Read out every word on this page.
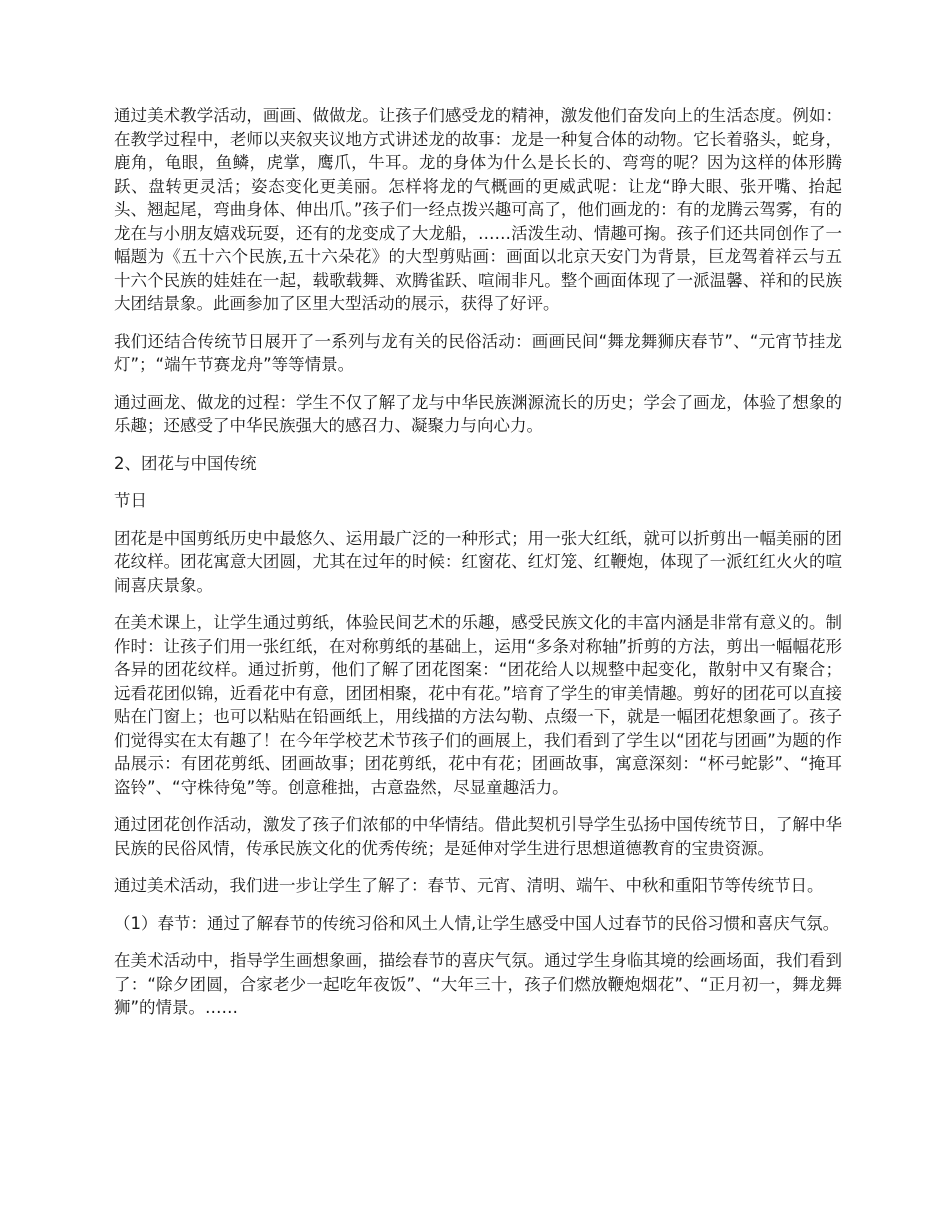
通过美术教学活动，画画、做做龙。让孩子们感受龙的精神，激发他们奋发向上的生活态度。例如：在教学过程中，老师以夹叙夹议地方式讲述龙的故事：龙是一种复合体的动物。它长着骆头，蛇身，鹿角，龟眼，鱼鳞，虎掌，鹰爪，牛耳。龙的身体为什么是长长的、弯弯的呢？因为这样的体形腾跃、盘转更灵活；姿态变化更美丽。怎样将龙的气概画的更威武呢：让龙“睁大眼、张开嘴、抬起头、翘起尾，弯曲身体、伸出爪。”孩子们一经点拨兴趣可高了，他们画龙的：有的龙腾云驾雾，有的龙在与小朋友嬉戏玩耍，还有的龙变成了大龙船，……活泼生动、情趣可掬。孩子们还共同创作了一幅题为《五十六个民族,五十六朵花》的大型剪贴画：画面以北京天安门为背景，巨龙驾着祥云与五十六个民族的娃娃在一起，载歌载舞、欢腾雀跃、喧闹非凡。整个画面体现了一派温馨、祥和的民族大团结景象。此画参加了区里大型活动的展示，获得了好评。

我们还结合传统节日展开了一系列与龙有关的民俗活动：画画民间“舞龙舞狮庆春节”、“元宵节挂龙灯”；“端午节赛龙舟”等等情景。

通过画龙、做龙的过程：学生不仅了解了龙与中华民族渊源流长的历史；学会了画龙，体验了想象的乐趣；还感受了中华民族强大的感召力、凝聚力与向心力。

2、团花与中国传统

节日

团花是中国剪纸历史中最悠久、运用最广泛的一种形式；用一张大红纸，就可以折剪出一幅美丽的团花纹样。团花寓意大团圆，尤其在过年的时候：红窗花、红灯笼、红鞭炮，体现了一派红红火火的喧闹喜庆景象。

在美术课上，让学生通过剪纸，体验民间艺术的乐趣，感受民族文化的丰富内涵是非常有意义的。制作时：让孩子们用一张红纸，在对称剪纸的基础上，运用“多条对称轴”折剪的方法，剪出一幅幅花形各异的团花纹样。通过折剪，他们了解了团花图案：“团花给人以规整中起变化，散射中又有聚合；远看花团似锦，近看花中有意，团团相聚，花中有花。”培育了学生的审美情趣。剪好的团花可以直接贴在门窗上；也可以粘贴在铅画纸上，用线描的方法勾勒、点缀一下，就是一幅团花想象画了。孩子们觉得实在太有趣了！在今年学校艺术节孩子们的画展上，我们看到了学生以“团花与团画”为题的作品展示：有团花剪纸、团画故事；团花剪纸，花中有花；团画故事，寓意深刻：“杯弓蛇影”、“掩耳盗铃”、“守株待兔”等。创意稚拙，古意盎然，尽显童趣活力。

通过团花创作活动，激发了孩子们浓郁的中华情结。借此契机引导学生弘扬中国传统节日，了解中华民族的民俗风情，传承民族文化的优秀传统；是延伸对学生进行思想道德教育的宝贵资源。

通过美术活动，我们进一步让学生了解了：春节、元宵、清明、端午、中秋和重阳节等传统节日。

（1）春节：通过了解春节的传统习俗和风土人情,让学生感受中国人过春节的民俗习惯和喜庆气氛。

在美术活动中，指导学生画想象画，描绘春节的喜庆气氛。通过学生身临其境的绘画场面，我们看到了：“除夕团圆，合家老少一起吃年夜饭”、“大年三十，孩子们燃放鞭炮烟花”、“正月初一，舞龙舞狮”的情景。……
